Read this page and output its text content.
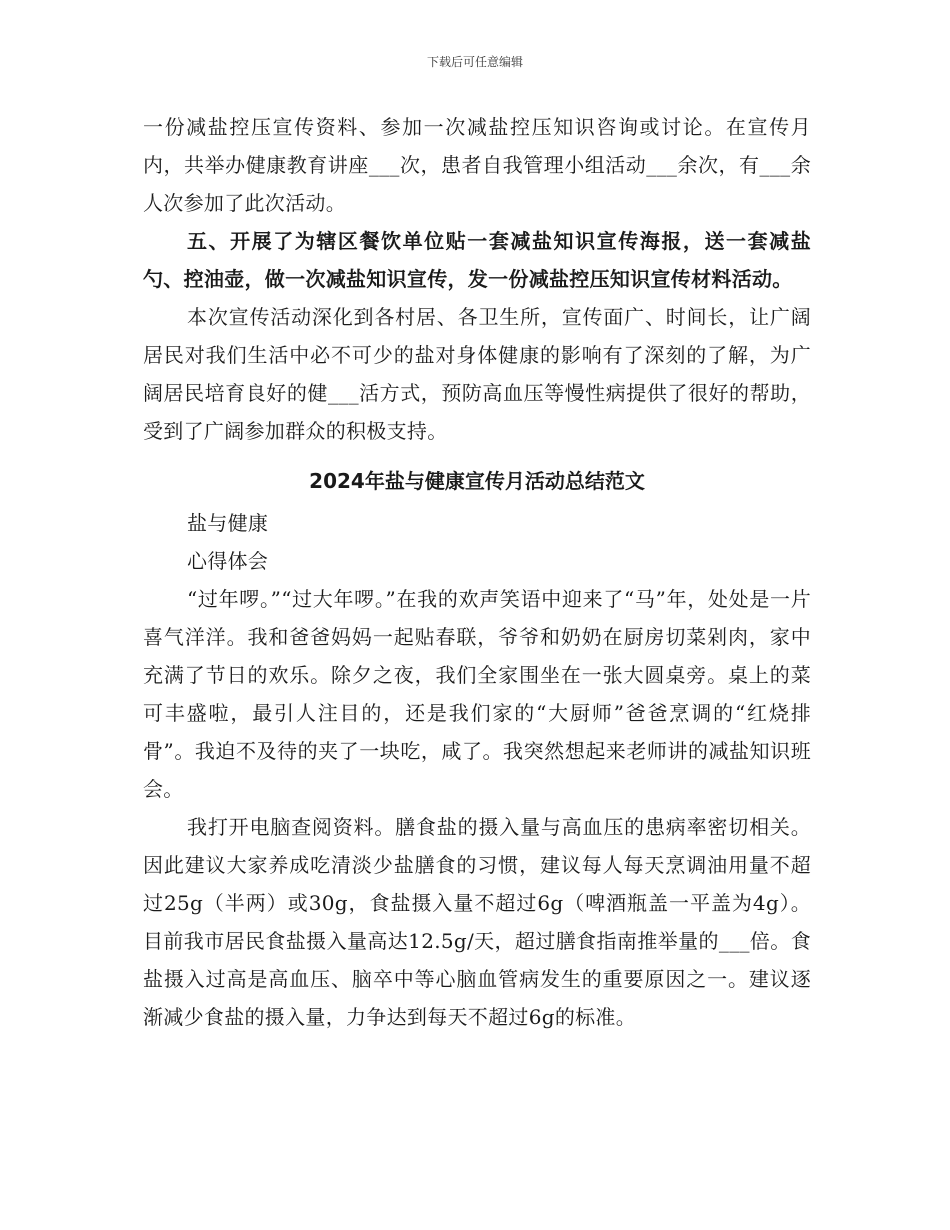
下载后可任意编辑

一份减盐控压宣传资料、参加一次减盐控压知识咨询或讨论。在宣传月内，共举办健康教育讲座___次，患者自我管理小组活动___余次，有___余人次参加了此次活动。

五、开展了为辖区餐饮单位贴一套减盐知识宣传海报，送一套减盐勺、控油壶，做一次减盐知识宣传，发一份减盐控压知识宣传材料活动。

本次宣传活动深化到各村居、各卫生所，宣传面广、时间长，让广阔居民对我们生活中必不可少的盐对身体健康的影响有了深刻的了解，为广阔居民培育良好的健___活方式，预防高血压等慢性病提供了很好的帮助，受到了广阔参加群众的积极支持。

2024年盐与健康宣传月活动总结范文

盐与健康

心得体会

“过年啰。”“过大年啰。”在我的欢声笑语中迎来了“马”年，处处是一片喜气洋洋。我和爸爸妈妈一起贴春联，爷爷和奶奶在厨房切菜剁肉，家中充满了节日的欢乐。除夕之夜，我们全家围坐在一张大圆桌旁。桌上的菜可丰盛啦，最引人注目的，还是我们家的“大厨师”爸爸烹调的“红烧排骨”。我迫不及待的夹了一块吃，咸了。我突然想起来老师讲的减盐知识班会。

我打开电脑查阅资料。膳食盐的摄入量与高血压的患病率密切相关。因此建议大家养成吃清淡少盐膳食的习惯，建议每人每天烹调油用量不超过25g（半两）或30g，食盐摄入量不超过6g（啤酒瓶盖一平盖为4g）。目前我市居民食盐摄入量高达12.5g/天，超过膳食指南推举量的___倍。食盐摄入过高是高血压、脑卒中等心脑血管病发生的重要原因之一。建议逐渐减少食盐的摄入量，力争达到每天不超过6g的标准。
